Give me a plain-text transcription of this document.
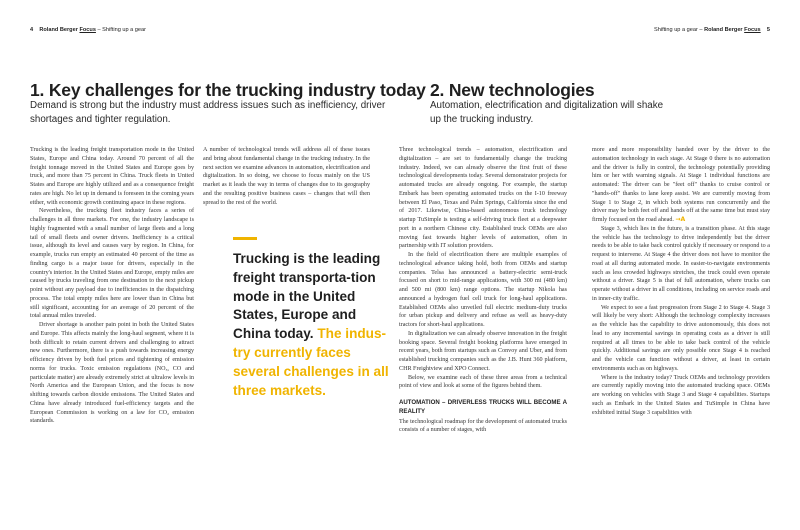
4 Roland Berger Focus – Shifting up a gear	Shifting up a gear – Roland Berger Focus 5
1. Key challenges for the trucking industry today

Demand is strong but the industry must address issues such as inefficiency, driver shortages and tighter regulation.

2. New technologies

Automation, electrification and digitalization will shake up the trucking industry.

Trucking is the leading freight transportation mode in the United States, Europe and China today. Around 70 percent of all the freight tonnage moved in the United States and Europe goes by truck, and more than 75 percent in China. Truck fleets in United States and Europe are highly utilized and as a consequence freight rates are high. No let up in demand is foreseen in the coming years either, with economic growth continuing apace in these regions.

Nevertheless, the trucking fleet industry faces a series of challenges in all three markets. For one, the industry landscape is highly fragmented with a small number of large fleets and a long tail of small fleets and owner drivers. Inefficiency is a critical issue, although its level and causes vary by region. In China, for example, trucks run empty an estimated 40 percent of the time as finding cargo is a major issue for drivers, especially in the country's interior. In the United States and Europe, empty miles are caused by trucks traveling from one destination to the next pickup point without any payload due to inefficiencies in the dispatching process. The total empty miles here are lower than in China but still significant, accounting for an average of 20 percent of the total annual miles traveled.

Driver shortage is another pain point in both the United States and Europe. This affects mainly the long-haul segment, where it is both difficult to retain current drivers and challenging to attract new ones. Furthermore, there is a push towards increasing energy efficiency driven by both fuel prices and tightening of emission norms for trucks. Toxic emission regulations (NOₓ, CO and particulate matter) are already extremely strict at ultralow levels in North America and the European Union, and the focus is now shifting towards carbon dioxide emissions. The United States and China have already introduced fuel-efficiency targets and the European Commission is working on a law for CO₂ emission standards.

A number of technological trends will address all of these issues and bring about fundamental change in the trucking industry. In the next section we examine advances in automation, electrification and digitalization. In so doing, we choose to focus mainly on the US market as it leads the way in terms of changes due to its geography and the resulting positive business cases – changes that will then spread to the rest of the world.

Trucking is the leading freight transporta-tion mode in the United States, Europe and China today. The indus-try currently faces several challenges in all three markets.

Three technological trends – automation, electrification and digitalization – are set to fundamentally change the trucking industry. Indeed, we can already observe the first fruit of these technological developments today. Several demonstrator projects for automated trucks are already ongoing. For example, the startup Embark has been operating automated trucks on the I-10 freeway between El Paso, Texas and Palm Springs, California since the end of 2017. Likewise, China-based autonomous truck technology startup TuSimple is testing a self-driving truck fleet at a deepwater port in a northern Chinese city. Established truck OEMs are also moving fast towards higher levels of automation, often in partnership with IT solution providers.

In the field of electrification there are multiple examples of technological advance taking hold, both from OEMs and startup companies. Telsa has announced a battery-electric semi-truck focused on short to mid-range applications, with 300 mi (480 km) and 500 mi (800 km) range options. The startup Nikola has announced a hydrogen fuel cell truck for long-haul applications. Established OEMs also unveiled full electric medium-duty trucks for urban pickup and delivery and refuse as well as heavy-duty tractors for short-haul applications.

In digitalization we can already observe innovation in the freight booking space. Several freight booking platforms have emerged in recent years, both from startups such as Convoy and Uber, and from established trucking companies such as the J.B. Hunt 360 platform, CHR Freightview and XPO Connect.

Below, we examine each of these three areas from a technical point of view and look at some of the figures behind them.

AUTOMATION – DRIVERLESS TRUCKS WILL BECOME A REALITY

The technological roadmap for the development of automated trucks consists of a number of stages, with

more and more responsibility handed over by the driver to the automation technology in each stage. At Stage 0 there is no automation and the driver is fully in control, the technology potentially providing him or her with warning signals. At Stage 1 individual functions are automated: The driver can be "feet off" thanks to cruise control or "hands-off" thanks to lane keep assist. We are currently moving from Stage 1 to Stage 2, in which both systems run concurrently and the driver may be both feet off and hands off at the same time but must stay firmly focused on the road ahead. →A

Stage 3, which lies in the future, is a transition phase. At this stage the vehicle has the technology to drive independently but the driver needs to be able to take back control quickly if necessary or respond to a request to intervene. At Stage 4 the driver does not have to monitor the road at all during automated mode. In easier-to-navigate environments such as less crowded highways stretches, the truck could even operate without a driver. Stage 5 is that of full automation, where trucks can operate without a driver in all conditions, including on service roads and in inner-city traffic.

We expect to see a fast progression from Stage 2 to Stage 4. Stage 3 will likely be very short: Although the technology complexity increases as the vehicle has the capability to drive autonomously, this does not lead to any incremental savings in operating costs as a driver is still required at all times to be able to take back control of the vehicle quickly. Additional savings are only possible once Stage 4 is reached and the vehicle can function without a driver, at least in certain environments such as on highways.

Where is the industry today? Truck OEMs and technology providers are currently rapidly moving into the automated trucking space. OEMs are working on vehicles with Stage 3 and Stage 4 capabilities. Startups such as Embark in the United States and TuSimple in China have exhibited initial Stage 3 capabilities with
